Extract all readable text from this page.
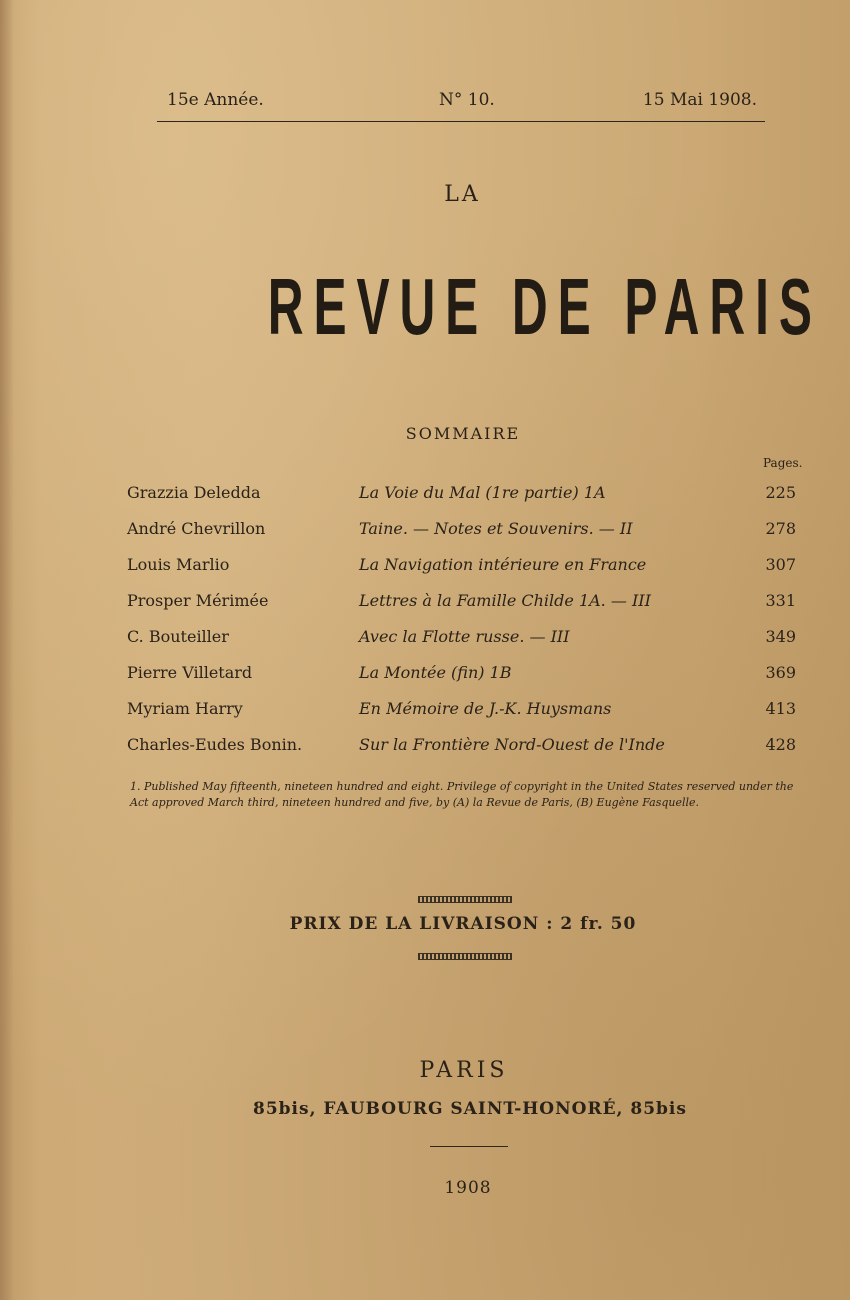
15e Année.	N° 10.	15 Mai 1908.
LA
REVUE DE PARIS
SOMMAIRE
Pages.
Grazzia Deledda	La Voie du Mal (1re partie) 1A	225
André Chevrillon	Taine. — Notes et Souvenirs. — II	278
Louis Marlio	La Navigation intérieure en France	307
Prosper Mérimée	Lettres à la Famille Childe 1A. — III	331
C. Bouteiller	Avec la Flotte russe. — III	349
Pierre Villetard	La Montée (fin) 1B	369
Myriam Harry	En Mémoire de J.-K. Huysmans	413
Charles-Eudes Bonin.	Sur la Frontière Nord-Ouest de l'Inde	428
1. Published May fifteenth, nineteen hundred and eight. Privilege of copyright in the United States reserved under the Act approved March third, nineteen hundred and five, by (A) la Revue de Paris, (B) Eugène Fasquelle.
PRIX DE LA LIVRAISON : 2 fr. 50
PARIS
85bis, FAUBOURG SAINT-HONORÉ, 85bis
1908
